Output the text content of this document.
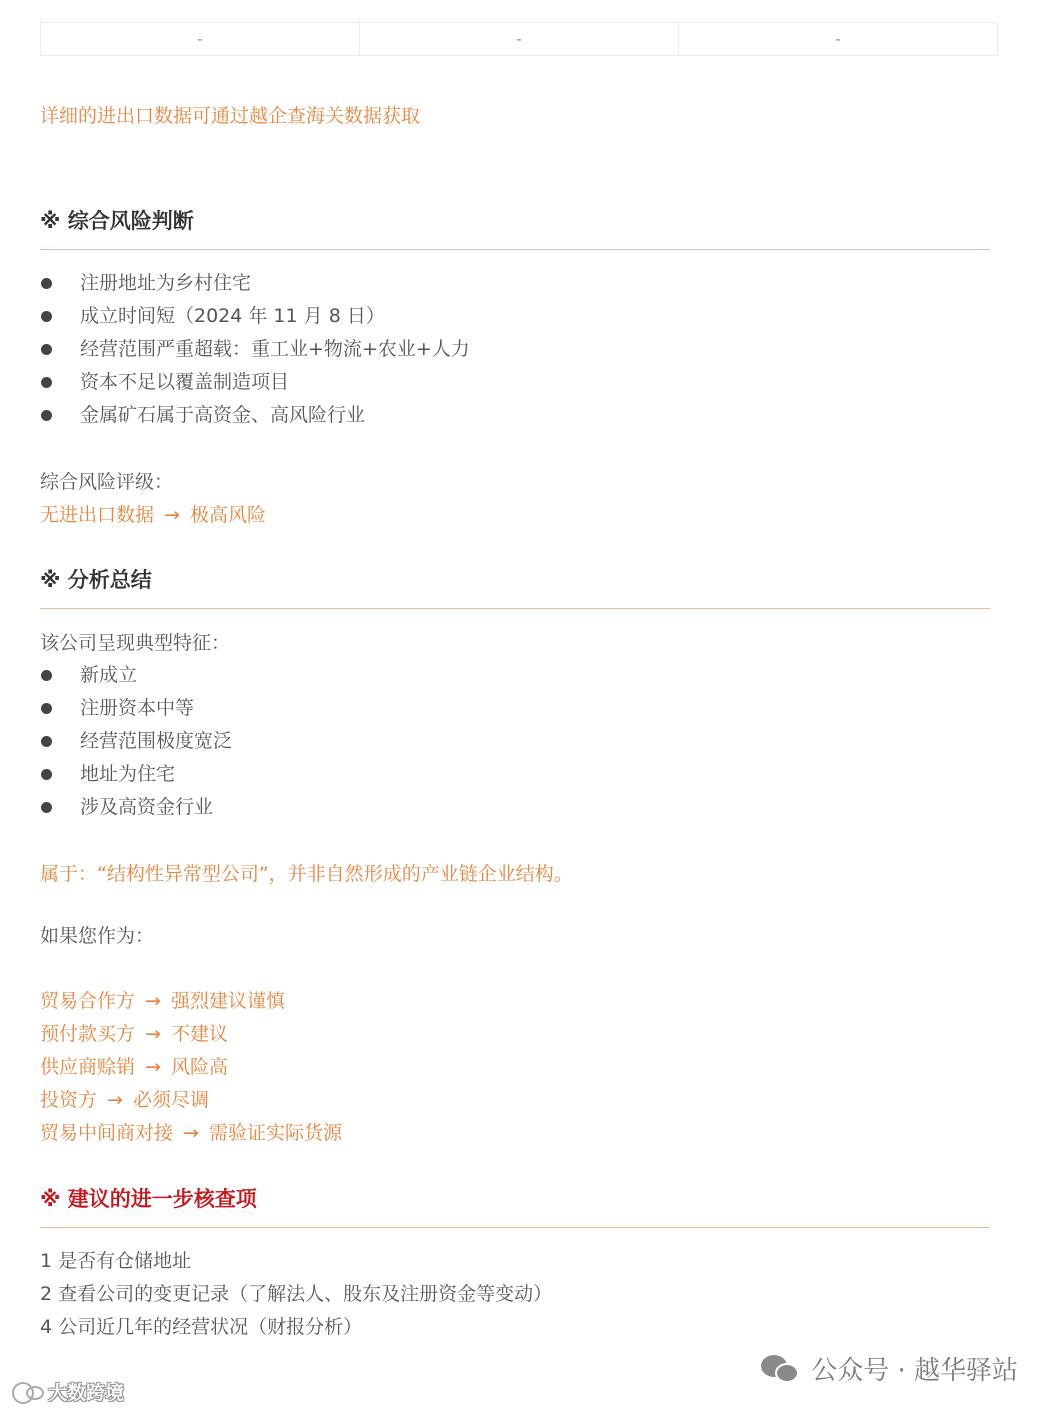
-	-	-
详细的进出口数据可通过越企查海关数据获取
※ 综合风险判断
注册地址为乡村住宅
成立时间短（2024 年 11 月 8 日）
经营范围严重超载：重工业+物流+农业+人力
资本不足以覆盖制造项目
金属矿石属于高资金、高风险行业
综合风险评级：
无进出口数据 → 极高风险
※ 分析总结
该公司呈现典型特征：
新成立
注册资本中等
经营范围极度宽泛
地址为住宅
涉及高资金行业
属于：“结构性异常型公司”，并非自然形成的产业链企业结构。
如果您作为：
贸易合作方 → 强烈建议谨慎
预付款买方 → 不建议
供应商赊销 → 风险高
投资方 → 必须尽调
贸易中间商对接 → 需验证实际货源
※ 建议的进一步核查项
1 是否有仓储地址
2 查看公司的变更记录（了解法人、股东及注册资金等变动）
4 公司近几年的经营状况（财报分析）
公众号 · 越华驿站
大数跨境
